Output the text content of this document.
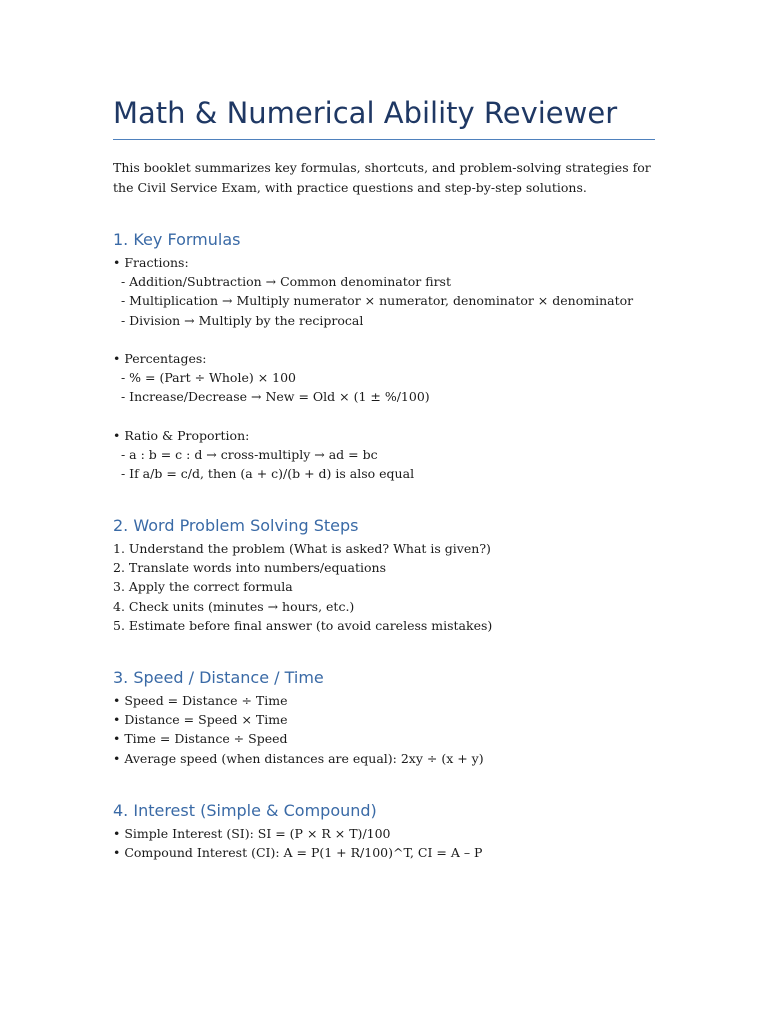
Math & Numerical Ability Reviewer

This booklet summarizes key formulas, shortcuts, and problem-solving strategies for the Civil Service Exam, with practice questions and step-by-step solutions.

1. Key Formulas
• Fractions:
- Addition/Subtraction → Common denominator first
- Multiplication → Multiply numerator × numerator, denominator × denominator
- Division → Multiply by the reciprocal
• Percentages:
- % = (Part ÷ Whole) × 100
- Increase/Decrease → New = Old × (1 ± %/100)
• Ratio & Proportion:
- a : b = c : d → cross-multiply → ad = bc
- If a/b = c/d, then (a + c)/(b + d) is also equal
2. Word Problem Solving Steps
1. Understand the problem (What is asked? What is given?)
2. Translate words into numbers/equations
3. Apply the correct formula
4. Check units (minutes → hours, etc.)
5. Estimate before final answer (to avoid careless mistakes)
3. Speed / Distance / Time
• Speed = Distance ÷ Time
• Distance = Speed × Time
• Time = Distance ÷ Speed
• Average speed (when distances are equal): 2xy ÷ (x + y)
4. Interest (Simple & Compound)
• Simple Interest (SI): SI = (P × R × T)/100
• Compound Interest (CI): A = P(1 + R/100)^T, CI = A – P
